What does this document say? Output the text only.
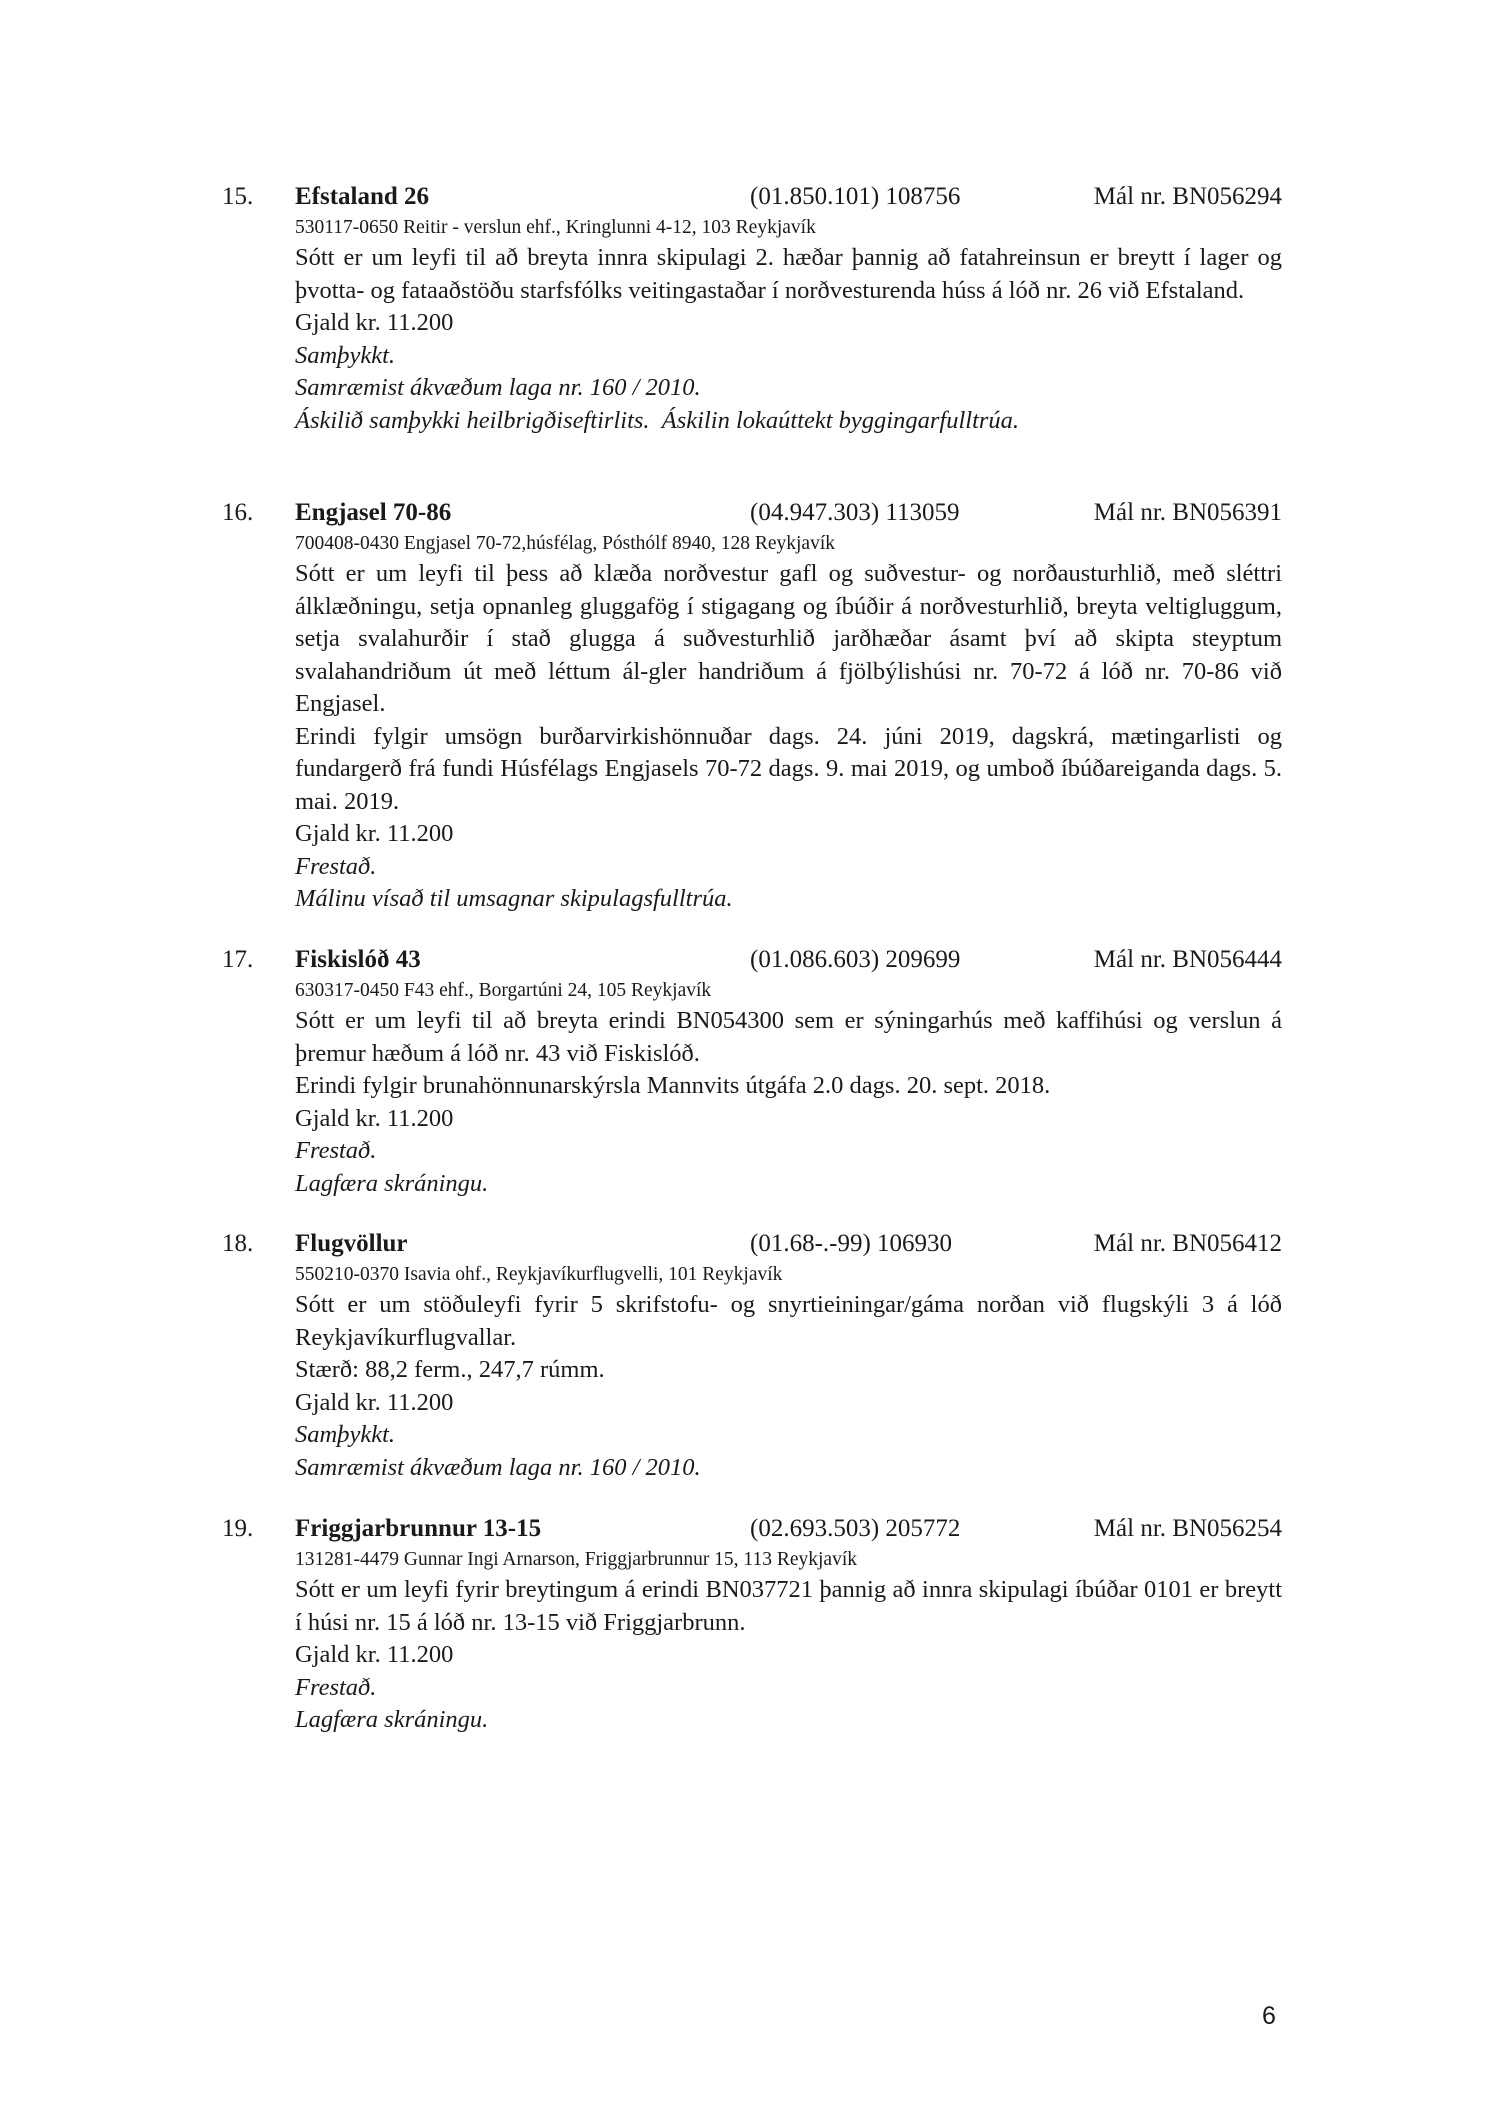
15. Efstaland 26	(01.850.101) 108756	Mál nr. BN056294
530117-0650 Reitir - verslun ehf., Kringlunni 4-12, 103 Reykjavík
Sótt er um leyfi til að breyta innra skipulagi 2. hæðar þannig að fatahreinsun er breytt í lager og þvotta- og fataaðstöðu starfsfólks veitingastaðar í norðvesturenda húss á lóð nr. 26 við Efstaland.
Gjald kr. 11.200
Samþykkt.
Samræmist ákvæðum laga nr. 160 / 2010.
Áskilið samþykki heilbrigðiseftirlits.  Áskilin lokaúttekt byggingarfulltrúa.
16. Engjasel 70-86	(04.947.303) 113059	Mál nr. BN056391
700408-0430 Engjasel 70-72,húsfélag, Pósthólf 8940, 128 Reykjavík
Sótt er um leyfi til þess að klæða norðvestur gafl og suðvestur- og norðausturhlið, með sléttri álklæðningu, setja opnanleg gluggafög í stigagang og íbúðir á norðvesturhlið, breyta veltigluggum, setja svalahurðir í stað glugga á suðvesturhlið jarðhæðar ásamt því að skipta steyptum svalahandriðum út með léttum ál-gler handriðum á fjölbýlishúsi nr. 70-72 á lóð nr. 70-86 við Engjasel.
Erindi fylgir umsögn burðarvirkishönnuðar dags. 24. júni 2019, dagskrá, mætingarlisti og fundargerð frá fundi Húsfélags Engjasels 70-72 dags. 9. mai 2019, og umboð íbúðareiganda dags. 5. mai. 2019.
Gjald kr. 11.200
Frestað.
Málinu vísað til umsagnar skipulagsfulltrúa.
17. Fiskislóð 43	(01.086.603) 209699	Mál nr. BN056444
630317-0450 F43 ehf., Borgartúni 24, 105 Reykjavík
Sótt er um leyfi til að breyta erindi BN054300 sem er sýningarhús með kaffihúsi og verslun á þremur hæðum á lóð nr. 43 við Fiskislóð.
Erindi fylgir brunahönnunarskýrsla Mannvits útgáfa 2.0 dags. 20. sept. 2018.
Gjald kr. 11.200
Frestað.
Lagfæra skráningu.
18. Flugvöllur	(01.68-.-99) 106930	Mál nr. BN056412
550210-0370 Isavia ohf., Reykjavíkurflugvelli, 101 Reykjavík
Sótt er um stöðuleyfi fyrir 5 skrifstofu- og snyrtieiningar/gáma norðan við flugskýli 3 á lóð Reykjavíkurflugvallar.
Stærð: 88,2 ferm., 247,7 rúmm.
Gjald kr. 11.200
Samþykkt.
Samræmist ákvæðum laga nr. 160 / 2010.
19. Friggjarbrunnur 13-15	(02.693.503) 205772	Mál nr. BN056254
131281-4479 Gunnar Ingi Arnarson, Friggjarbrunnur 15, 113 Reykjavík
Sótt er um leyfi fyrir breytingum á erindi BN037721 þannig að innra skipulagi íbúðar 0101 er breytt í húsi nr. 15 á lóð nr. 13-15 við Friggjarbrunn.
Gjald kr. 11.200
Frestað.
Lagfæra skráningu.
6
